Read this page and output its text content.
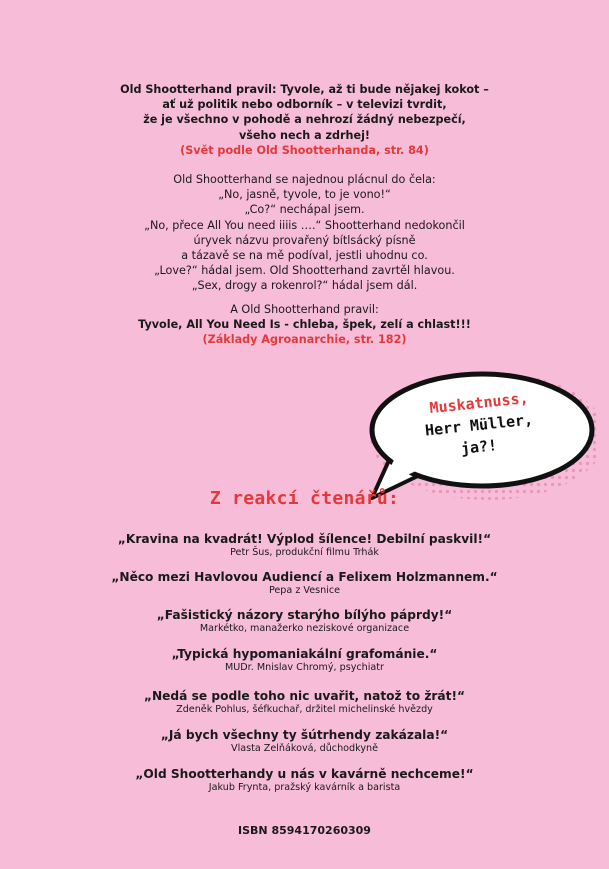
Old Shootterhand pravil: Tyvole, až ti bude nějakej kokot –
ať už politik nebo odborník – v televizi tvrdit,
že je všechno v pohodě a nehrozí žádný nebezpečí,
všeho nech a zdrhej!
(Svět podle Old Shootterhanda, str. 84)
Old Shootterhand se najednou plácnul do čela:
„No, jasně, tyvole, to je vono!“
„Co?“ nechápal jsem.
„No, přece All You need iiiis ….“ Shootterhand nedokončil
úryvek názvu provařený bítlsácký písně
a tázavě se na mě podíval, jestli uhodnu co.
„Love?“ hádal jsem. Old Shootterhand zavrtěl hlavou.
„Sex, drogy a rokenrol?“ hádal jsem dál.
A Old Shootterhand pravil:
Tyvole, All You Need Is - chleba, špek, zelí a chlast!!!
(Základy Agroanarchie, str. 182)
Muskatnuss,
Herr Müller,
ja?!
Z reakcí čtenářů:
„Kravina na kvadrát! Výplod šílence! Debilní paskvil!“
Petr Šus, produkční filmu Trhák
„Něco mezi Havlovou Audiencí a Felixem Holzmannem.“
Pepa z Vesnice
„Fašistický názory starýho bílýho páprdy!“
Markétko, manažerko neziskové organizace
„Typická hypomaniakální grafománie.“
MUDr. Mnislav Chromý, psychiatr
„Nedá se podle toho nic uvařit, natož to žrát!“
Zdeněk Pohlus, šéfkuchař, držitel michelinské hvězdy
„Já bych všechny ty šútrhendy zakázala!“
Vlasta Zelňáková, důchodkyně
„Old Shootterhandy u nás v kavárně nechceme!“
Jakub Frynta, pražský kavárník a barista
ISBN 8594170260309
